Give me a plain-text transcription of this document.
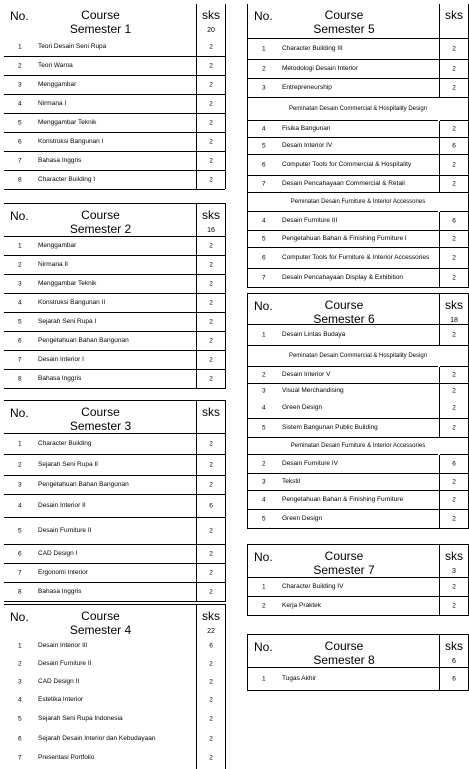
No.	Course
Semester 1
sks
20
1	Teori Desain Seni Rupa	2
2	Teori Warna	2
3	Menggambar	2
4	Nirmana I	2
5	Menggambar Teknik	2
6	Konstruksi Bangunan I	2
7	Bahasa Inggris	2
8	Character Building I	2
No.	Course
Semester 2
sks
16
1	Menggambar	2
2	Nirmana II	2
3	Menggambar Teknik	2
4	Konstruksi Bangunan II	2
5	Sejarah Seni Rupa I	2
6	Pengetahuan Bahan Bangunan	2
7	Desain Interior I	2
8	Bahasa Inggris	2
No.	Course
Semester 3
sks
1	Character Building	2
2	Sejarah Seni Rupa II	2
3	Pengetahuan Bahan Bangunan	2
4	Desain Interior II	6
5	Desain Furniture II	2
6	CAD Design I	2
7	Ergonomi Interior	2
8	Bahasa Inggris	2
No.	Course
Semester 4
sks
22
1	Desain Interior III	6
2	Desain Furniture II	2
3	CAD Design II	2
4	Estetika Interior	2
5	Sejarah Seni Rupa Indonesia	2
6	Sejarah Desain Interior dan Kebudayaan	2
7	Presentasi Portfolio	2
No.	Course
Semester 5
sks
1	Character Building III	2
2	Metodologi Desain Interior	2
3	Entrepreneurship	2
Peminatan Desain Commercial & Hospitality Design
4	Fisika Bangunan	2
5	Desain Interior IV	6
6	Computer Tools for Commercial & Hospitality	2
7	Desain Pencahayaan Commercial & Retail	2
Peminatan Desain Furniture & Interior Accessories
4	Desain Furniture III	6
5	Pengetahuan Bahan & Finishing Furniture I	2
6	Computer Tools for Furniture & Interior Accessories	2
7	Desain Pencahayaan Display & Exhibition	2
No.	Course
Semester 6
sks
18
1	Desain Lintas Budaya	2
Peminatan Desain Commercial & Hospitality Design
2	Desain Interior V	2
3	Visual Merchandising	2
4	Green Design	2
5	Sistem Bangunan Public Building	2
Peminatan Desain Furniture & Interior Accessories
2	Desain Furniture IV	6
3	Tekstil	2
4	Pengetahuan Bahan & Finishing Furniture	2
5	Green Design	2
No.	Course
Semester 7
sks
3
1	Character Building IV	2
2	Kerja Praktek	2
No.	Course
Semester 8
sks
6
1	Tugas Akhir	6
